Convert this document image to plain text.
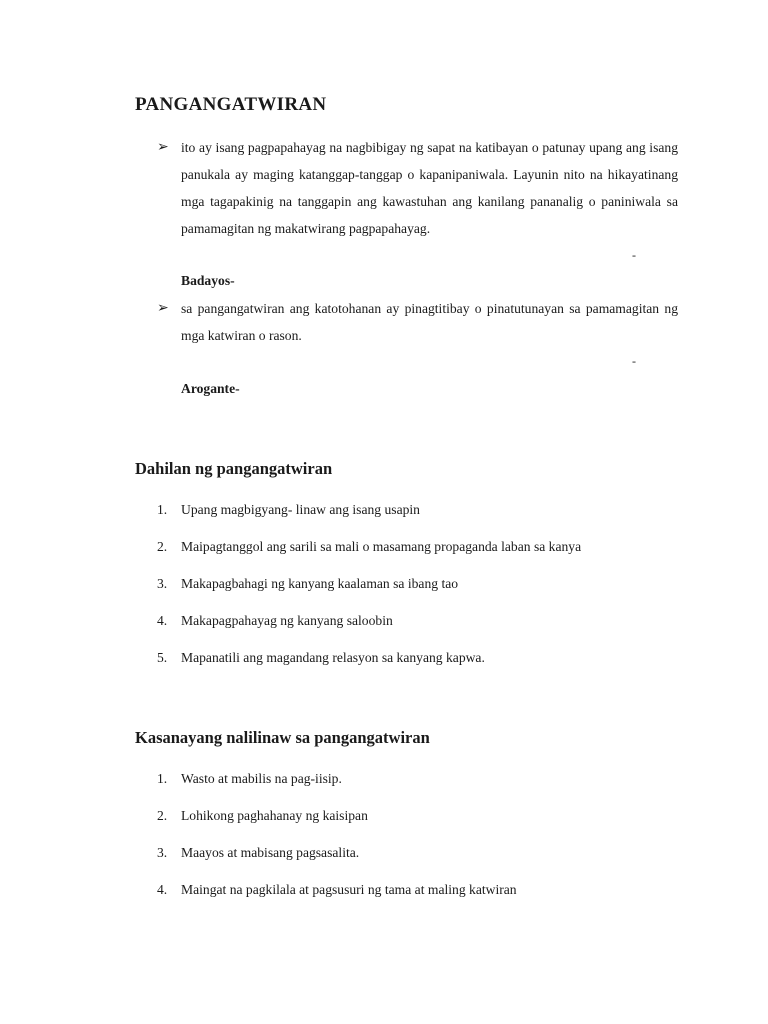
PANGANGATWIRAN
➢ ito ay isang pagpapahayag na nagbibigay ng sapat na katibayan o patunay upang ang isang panukala ay maging katanggap-tanggap o kapanipaniwala. Layunin nito na hikayatinang mga tagapakinig na tanggapin ang kawastuhan ang kanilang pananalig o paniniwala sa pamamagitan ng makatwirang pagpapahayag.
-
Badayos-
➢ sa pangangatwiran ang katotohanan ay pinagtitibay o pinatutunayan sa pamamagitan ng mga katwiran o rason.
-
Arogante-
Dahilan ng pangangatwiran
1.	Upang magbigyang- linaw ang isang usapin
2.	Maipagtanggol ang sarili sa mali o masamang propaganda laban sa kanya
3.	Makapagbahagi ng kanyang kaalaman sa ibang tao
4.	Makapagpahayag ng kanyang saloobin
5.	Mapanatili ang magandang relasyon sa kanyang kapwa.
Kasanayang nalilinaw sa pangangatwiran
1.	Wasto at mabilis na pag-iisip.
2.	Lohikong paghahanay ng kaisipan
3.	Maayos at mabisang pagsasalita.
4.	Maingat na pagkilala at pagsusuri ng tama at maling katwiran
